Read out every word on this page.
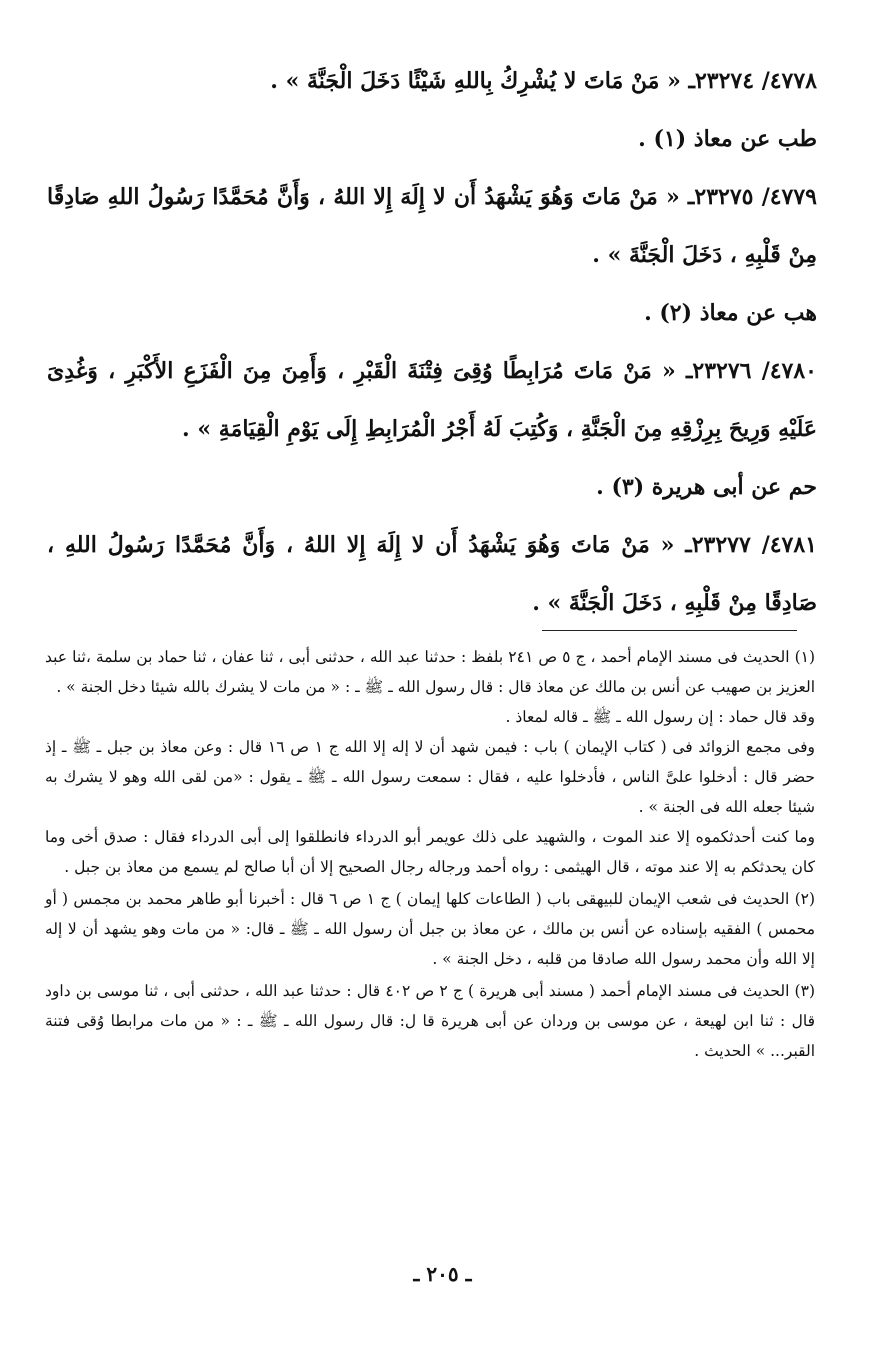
٤٧٧٨/ ٢٣٢٧٤ـ « مَنْ مَاتَ لا يُشْرِكُ بِاللهِ شَيْئًا دَخَلَ الْجَنَّةَ » .

طب عن معاذ (١) .

٤٧٧٩/ ٢٣٢٧٥ـ « مَنْ مَاتَ وَهُوَ يَشْهَدُ أَن لا إِلَهَ إِلا اللهُ ، وَأَنَّ مُحَمَّدًا رَسُولُ اللهِ صَادِقًا مِنْ قَلْبِهِ ، دَخَلَ الْجَنَّةَ » .

هب عن معاذ (٢) .

٤٧٨٠/ ٢٣٢٧٦ـ « مَنْ مَاتَ مُرَابِطًا وُقِىَ فِتْنَةَ الْقَبْرِ ، وَأَمِنَ مِنَ الْفَزَعِ الأَكْبَرِ ، وَغُدِىَ عَلَيْهِ وَرِيحَ بِرِزْقِهِ مِنَ الْجَنَّةِ ، وَكُتِبَ لَهُ أَجْرُ الْمُرَابِطِ إِلَى يَوْمِ الْقِيَامَةِ » .

حم عن أبى هريرة (٣) .

٤٧٨١/ ٢٣٢٧٧ـ « مَنْ مَاتَ وَهُوَ يَشْهَدُ أَن لا إِلَهَ إِلا اللهُ ، وَأَنَّ مُحَمَّدًا رَسُولُ اللهِ ، صَادِقًا مِنْ قَلْبِهِ ، دَخَلَ الْجَنَّةَ » .

(١) الحديث فى مسند الإمام أحمد ، ج ٥ ص ٢٤١ بلفظ : حدثنا عبد الله ، حدثنى أبى ، ثنا عفان ، ثنا حماد بن سلمة ،ثنا عبد العزيز بن صهيب عن أنس بن مالك عن معاذ قال : قال رسول الله ـ ﷺ ـ : « من مات لا يشرك بالله شيئا دخل الجنة » .

وقد قال حماد : إن رسول الله ـ ﷺ ـ قاله لمعاذ .

وفى مجمع الزوائد فى ( كتاب الإيمان ) باب : فيمن شهد أن لا إله إلا الله ج ١ ص ١٦ قال : وعن معاذ بن جبل ـ ﷺ ـ إذ حضر قال : أدخلوا علىَّ الناس ، فأدخلوا عليه ، فقال : سمعت رسول الله ـ ﷺ ـ يقول : «من لقى الله وهو لا يشرك به شيئا جعله الله فى الجنة » .

وما كنت أحدثكموه إلا عند الموت ، والشهيد على ذلك عويمر أبو الدرداء فانطلقوا إلى أبى الدرداء فقال : صدق أخى وما كان يحدثكم به إلا عند موته ، قال الهيثمى : رواه أحمد ورجاله رجال الصحيح إلا أن أبا صالح لم يسمع من معاذ بن جبل .

(٢) الحديث فى شعب الإيمان للبيهقى باب ( الطاعات كلها إيمان ) ج ١ ص ٦ قال : أخبرنا أبو طاهر محمد بن مجمس ( أو محمس ) الفقيه بإسناده عن أنس بن مالك ، عن معاذ بن جبل أن رسول الله ـ ﷺ ـ قال: « من مات وهو يشهد أن لا إله إلا الله وأن محمد رسول الله صادقا من قلبه ، دخل الجنة » .

(٣) الحديث فى مسند الإمام أحمد ( مسند أبى هريرة ) ج ٢ ص ٤٠٢ قال : حدثنا عبد الله ، حدثنى أبى ، ثنا موسى بن داود قال : ثنا ابن لهيعة ، عن موسى بن وردان عن أبى هريرة قا ل: قال رسول الله ـ ﷺ ـ : « من مات مرابطا وُقى فتنة القبر... » الحديث .

ـ ٢٠٥ ـ
